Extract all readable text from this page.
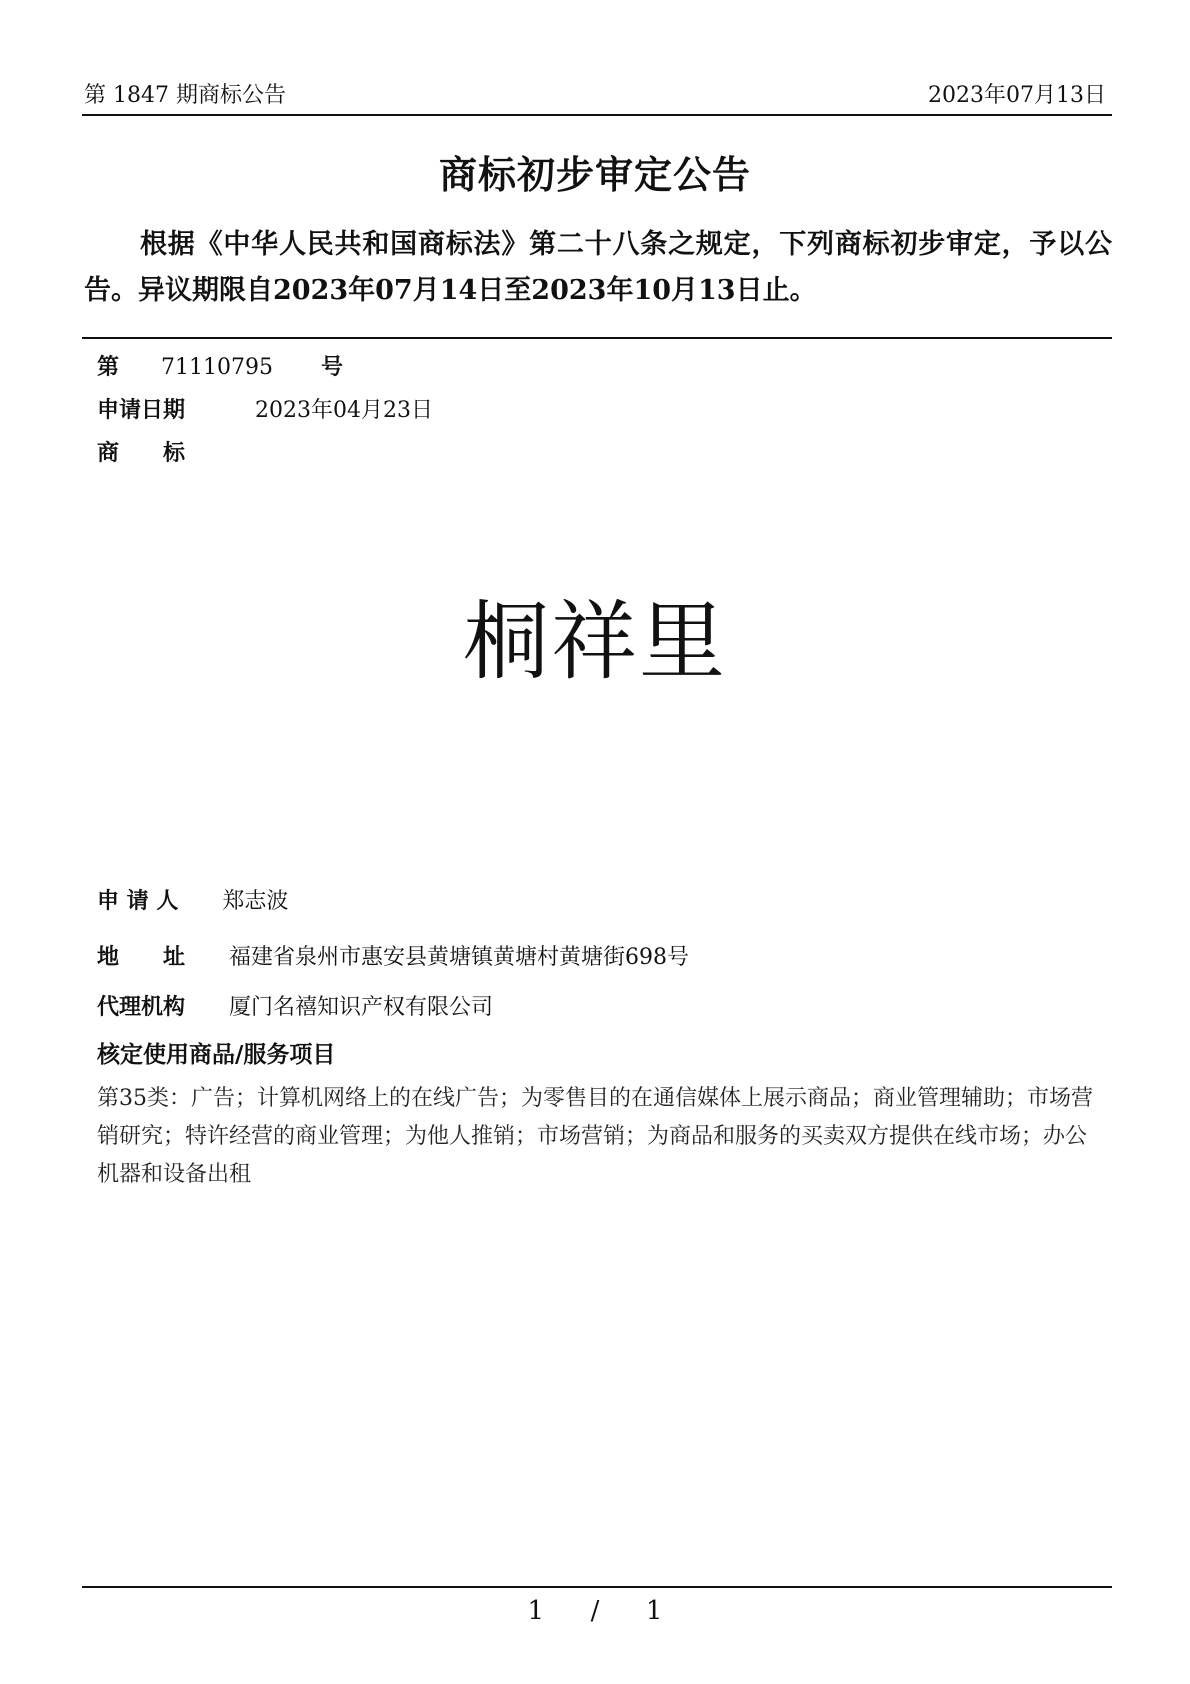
第 1847 期商标公告	2023年07月13日
商标初步审定公告
根据《中华人民共和国商标法》第二十八条之规定，下列商标初步审定，予以公告。异议期限自2023年07月14日至2023年10月13日止。
第 71110795 号
申请日期	2023年04月23日
商　　标
桐祥里
申 请 人 郑志波
地　　址 福建省泉州市惠安县黄塘镇黄塘村黄塘街698号
代理机构 厦门名禧知识产权有限公司
核定使用商品/服务项目
第35类：广告；计算机网络上的在线广告；为零售目的在通信媒体上展示商品；商业管理辅助；市场营销研究；特许经营的商业管理；为他人推销；市场营销；为商品和服务的买卖双方提供在线市场；办公机器和设备出租
1 / 1
